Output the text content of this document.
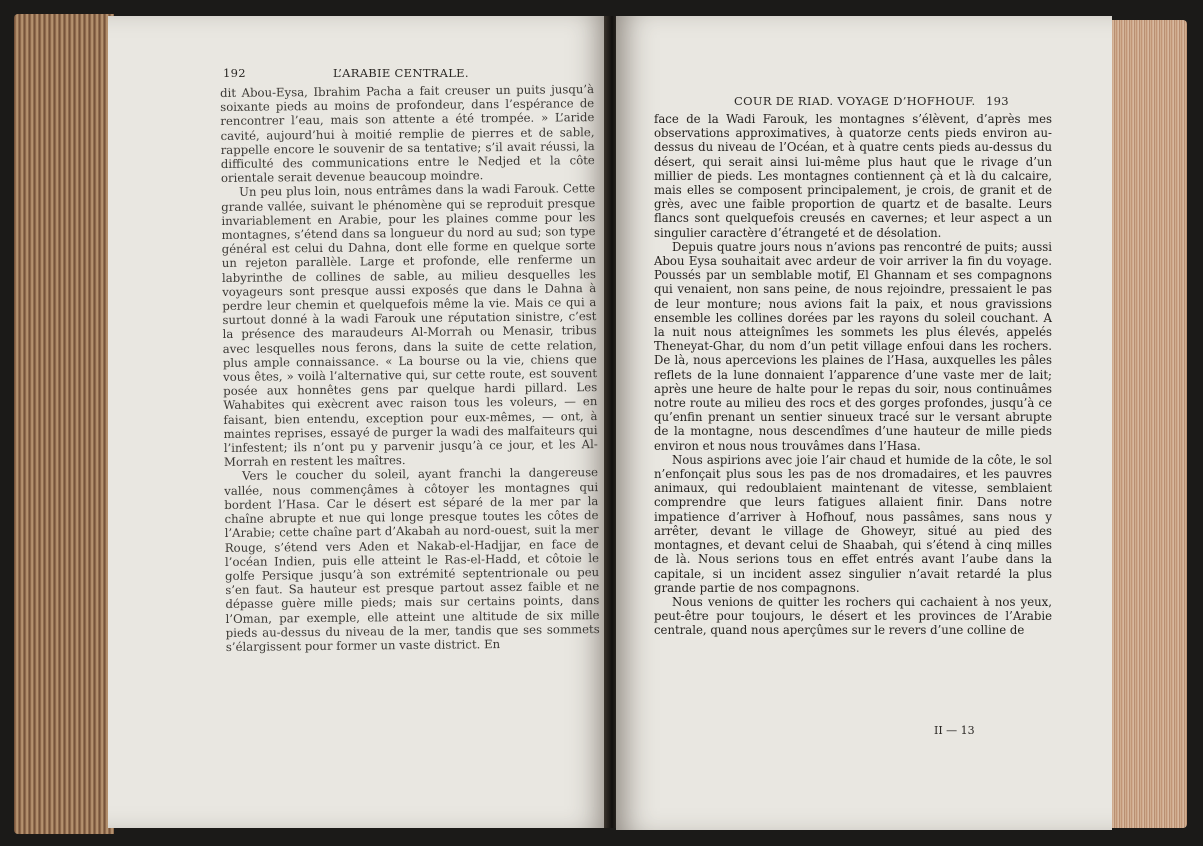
192	L’ARABIE CENTRALE.

dit Abou-Eysa, Ibrahim Pacha a fait creuser un puits jusqu’à soixante pieds au moins de profondeur, dans l’espérance de rencontrer l’eau, mais son attente a été trompée. » L’aride cavité, aujourd’hui à moitié remplie de pierres et de sable, rappelle encore le souvenir de sa tentative; s’il avait réussi, la difficulté des communications entre le Nedjed et la côte orientale serait devenue beaucoup moindre.

Un peu plus loin, nous entrâmes dans la wadi Farouk. Cette grande vallée, suivant le phénomène qui se reproduit presque invariablement en Arabie, pour les plaines comme pour les montagnes, s’étend dans sa longueur du nord au sud; son type général est celui du Dahna, dont elle forme en quelque sorte un rejeton parallèle. Large et profonde, elle renferme un labyrinthe de collines de sable, au milieu desquelles les voyageurs sont presque aussi exposés que dans le Dahna à perdre leur chemin et quelquefois même la vie. Mais ce qui a surtout donné à la wadi Farouk une réputation sinistre, c’est la présence des maraudeurs Al-Morrah ou Menasir, tribus avec lesquelles nous ferons, dans la suite de cette relation, plus ample connaissance. « La bourse ou la vie, chiens que vous êtes, » voilà l’alternative qui, sur cette route, est souvent posée aux honnêtes gens par quelque hardi pillard. Les Wahabites qui exècrent avec raison tous les voleurs, — en faisant, bien entendu, exception pour eux-mêmes, — ont, à maintes reprises, essayé de purger la wadi des malfaiteurs qui l’infestent; ils n’ont pu y parvenir jusqu’à ce jour, et les Al-Morrah en restent les maîtres.

Vers le coucher du soleil, ayant franchi la dangereuse vallée, nous commençâmes à côtoyer les montagnes qui bordent l’Hasa. Car le désert est séparé de la mer par la chaîne abrupte et nue qui longe presque toutes les côtes de l’Arabie; cette chaîne part d’Akabah au nord-ouest, suit la mer Rouge, s’étend vers Aden et Nakab-el-Hadjjar, en face de l’océan Indien, puis elle atteint le Ras-el-Hadd, et côtoie le golfe Persique jusqu’à son extrémité septentrionale ou peu s’en faut. Sa hauteur est presque partout assez faible et ne dépasse guère mille pieds; mais sur certains points, dans l’Oman, par exemple, elle atteint une altitude de six mille pieds au-dessus du niveau de la mer, tandis que ses sommets s’élargissent pour former un vaste district. En

COUR DE RIAD. VOYAGE D’HOFHOUF. 193

face de la Wadi Farouk, les montagnes s’élèvent, d’après mes observations approximatives, à quatorze cents pieds environ au-dessus du niveau de l’Océan, et à quatre cents pieds au-dessus du désert, qui serait ainsi lui-même plus haut que le rivage d’un millier de pieds. Les montagnes contiennent çà et là du calcaire, mais elles se composent principalement, je crois, de granit et de grès, avec une faible proportion de quartz et de basalte. Leurs flancs sont quelquefois creusés en cavernes; et leur aspect a un singulier caractère d’étrangeté et de désolation.

Depuis quatre jours nous n’avions pas rencontré de puits; aussi Abou Eysa souhaitait avec ardeur de voir arriver la fin du voyage. Poussés par un semblable motif, El Ghannam et ses compagnons qui venaient, non sans peine, de nous rejoindre, pressaient le pas de leur monture; nous avions fait la paix, et nous gravissions ensemble les collines dorées par les rayons du soleil couchant. A la nuit nous atteignîmes les sommets les plus élevés, appelés Theneyat-Ghar, du nom d’un petit village enfoui dans les rochers. De là, nous apercevions les plaines de l’Hasa, auxquelles les pâles reflets de la lune donnaient l’apparence d’une vaste mer de lait; après une heure de halte pour le repas du soir, nous continuâmes notre route au milieu des rocs et des gorges profondes, jusqu’à ce qu’enfin prenant un sentier sinueux tracé sur le versant abrupte de la montagne, nous descendîmes d’une hauteur de mille pieds environ et nous nous trouvâmes dans l’Hasa.

Nous aspirions avec joie l’air chaud et humide de la côte, le sol n’enfonçait plus sous les pas de nos dromadaires, et les pauvres animaux, qui redoublaient maintenant de vitesse, semblaient comprendre que leurs fatigues allaient finir. Dans notre impatience d’arriver à Hofhouf, nous passâmes, sans nous y arrêter, devant le village de Ghoweyr, situé au pied des montagnes, et devant celui de Shaabah, qui s’étend à cinq milles de là. Nous serions tous en effet entrés avant l’aube dans la capitale, si un incident assez singulier n’avait retardé la plus grande partie de nos compagnons.

Nous venions de quitter les rochers qui cachaient à nos yeux, peut-être pour toujours, le désert et les provinces de l’Arabie centrale, quand nous aperçûmes sur le revers d’une colline de

II — 13
